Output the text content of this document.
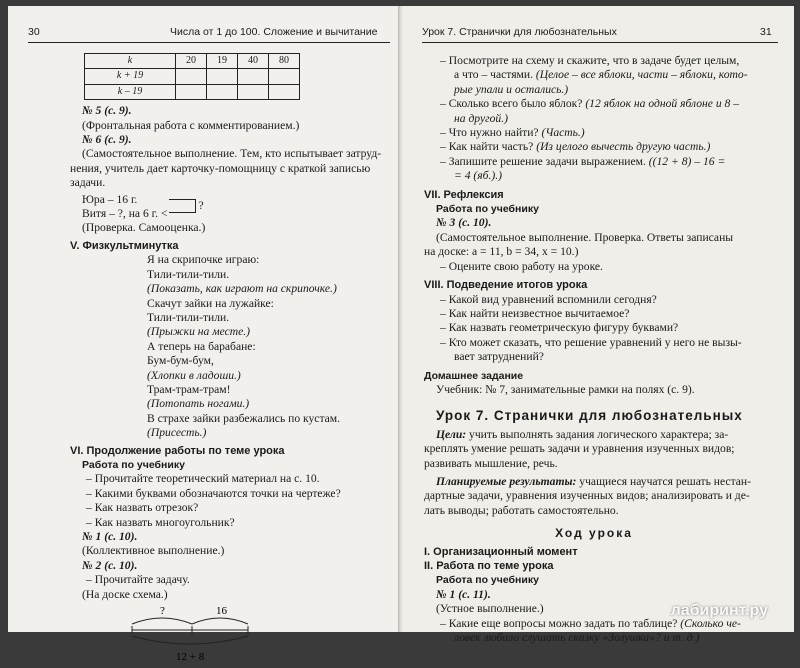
30	Числа от 1 до 100. Сложение и вычитание
k	20	19	40	80
k + 19				
k – 19				
№ 5 (с. 9).
(Фронтальная работа с комментированием.)
№ 6 (с. 9).
(Самостоятельное выполнение. Тем, кто испытывает затруд-
нения, учитель дает карточку-помощницу с краткой записью
задачи.
Юра – 16 г.
Витя – ?, на 6 г. <
?
(Проверка. Самооценка.)
V. Физкультминутка
Я на скрипочке играю:
Тили-тили-тили.
(Показать, как играют на скрипочке.)
Скачут зайки на лужайке:
Тили-тили-тили.
(Прыжки на месте.)
А теперь на барабане:
Бум-бум-бум,
(Хлопки в ладоши.)
Трам-трам-трам!
(Потопать ногами.)
В страхе зайки разбежались по кустам.
(Присесть.)
VI. Продолжение работы по теме урока
Работа по учебнику
– Прочитайте теоретический материал на с. 10.
– Какими буквами обозначаются точки на чертеже?
– Как назвать отрезок?
– Как назвать многоугольник?
№ 1 (с. 10).
(Коллективное выполнение.)
№ 2 (с. 10).
– Прочитайте задачу.
(На доске схема.)
?	16
12 + 8
Урок 7. Странички для любознательных	31
– Посмотрите на схему и скажите, что в задаче будет целым,
а что – частями. (Целое – все яблоки, части – яблоки, кото-
рые упали и остались.)
– Сколько всего было яблок? (12 яблок на одной яблоне и 8 –
на другой.)
– Что нужно найти? (Часть.)
– Как найти часть? (Из целого вычесть другую часть.)
– Запишите решение задачи выражением. ((12 + 8) – 16 =
= 4 (яб.).)
VII. Рефлексия
Работа по учебнику
№ 3 (с. 10).
(Самостоятельное выполнение. Проверка. Ответы записаны
на доске: a = 11, b = 34, x = 10.)
– Оцените свою работу на уроке.
VIII. Подведение итогов урока
– Какой вид уравнений вспомнили сегодня?
– Как найти неизвестное вычитаемое?
– Как назвать геометрическую фигуру буквами?
– Кто может сказать, что решение уравнений у него не вызы-
вает затруднений?
Домашнее задание
Учебник: № 7, занимательные рамки на полях (с. 9).
Урок 7. Странички для любознательных
Цели: учить выполнять задания логического характера; за-
креплять умение решать задачи и уравнения изученных видов;
развивать мышление, речь.
Планируемые результаты: учащиеся научатся решать нестан-
дартные задачи, уравнения изученных видов; анализировать и де-
лать выводы; работать самостоятельно.
Ход урока
I. Организационный момент
II. Работа по теме урока
Работа по учебнику
№ 1 (с. 11).
(Устное выполнение.)
– Какие еще вопросы можно задать по таблице? (Сколько че-
ловек любило слушать сказку «Золушка»? и т. д.)
лабиринт.ру
